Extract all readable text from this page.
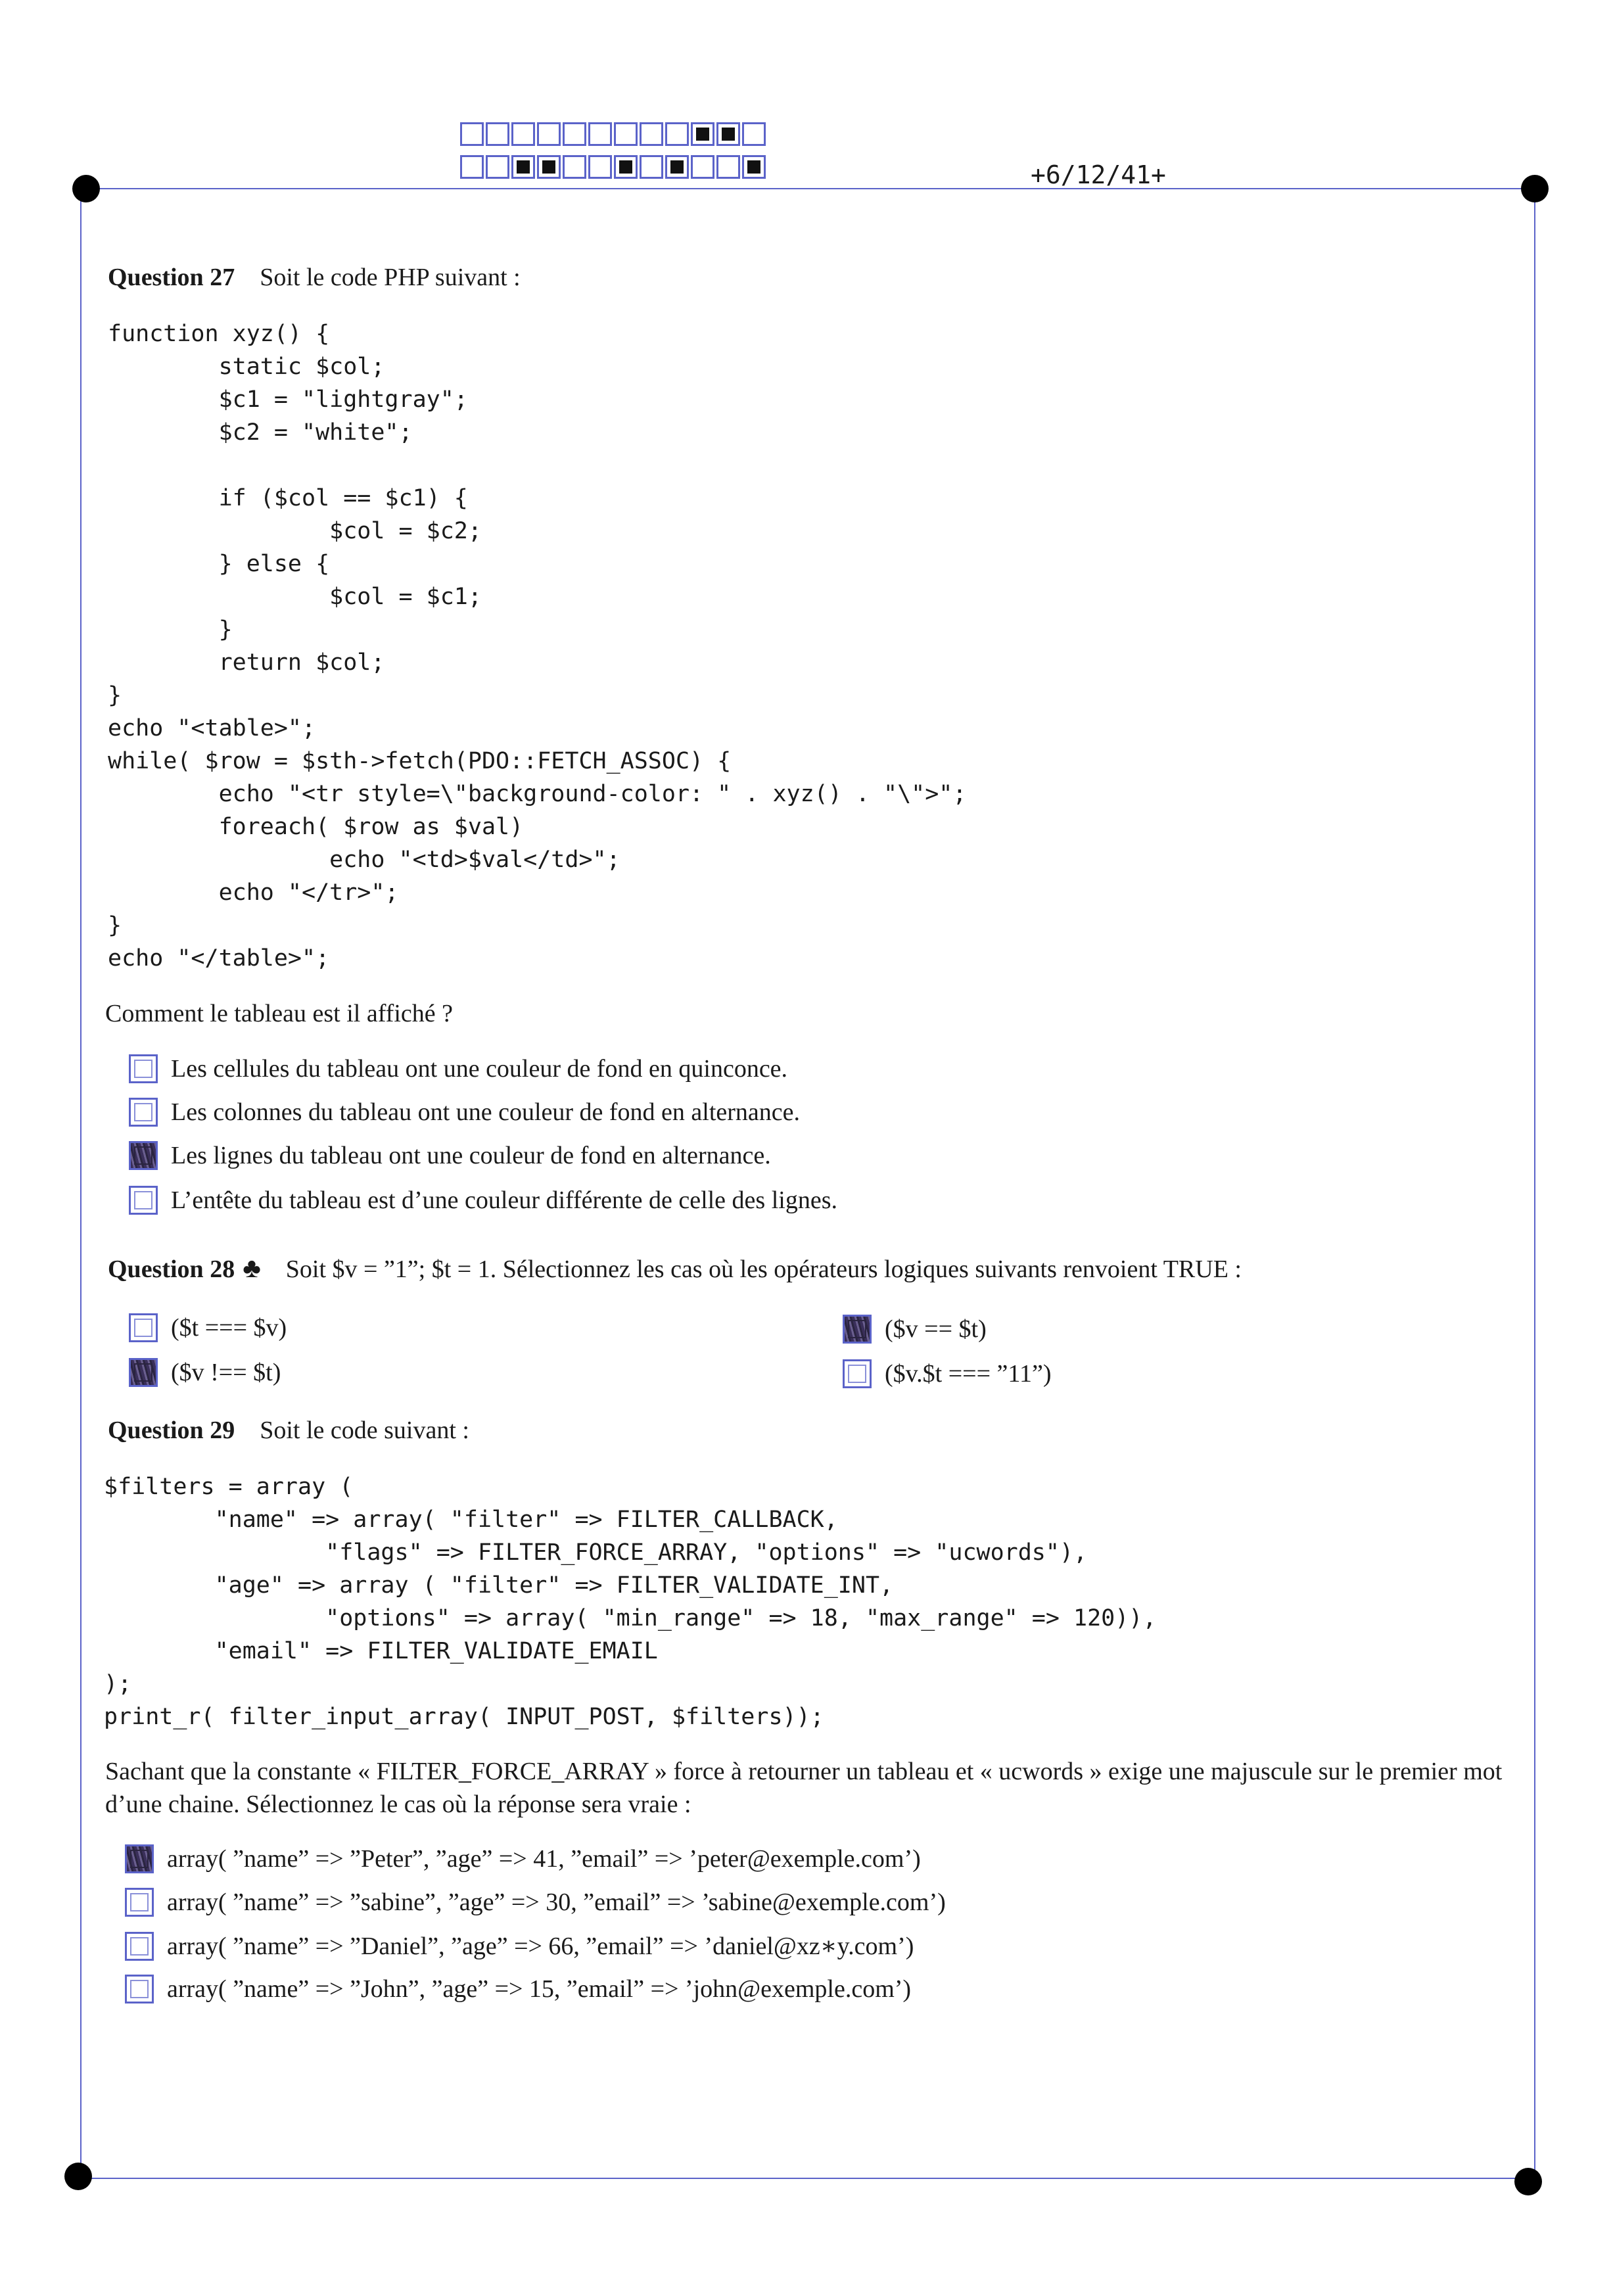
+6/12/41+
Question 27 Soit le code PHP suivant :
function xyz() {
static $col;
$c1 = "lightgray";
$c2 = "white";

if ($col == $c1) {
$col = $c2;
} else {
$col = $c1;
}
return $col;
}
echo "<table>";
while( $row = $sth->fetch(PDO::FETCH_ASSOC) {
echo "<tr style=\"background-color: " . xyz() . "\">";
foreach( $row as $val)
echo "<td>$val</td>";
echo "</tr>";
}
echo "</table>";
Comment le tableau est il affiché ?
Les cellules du tableau ont une couleur de fond en quinconce.
Les colonnes du tableau ont une couleur de fond en alternance.
Les lignes du tableau ont une couleur de fond en alternance.
L’entête du tableau est d’une couleur différente de celle des lignes.
Question 28 ♣ Soit $v = ”1”; $t = 1. Sélectionnez les cas où les opérateurs logiques suivants renvoient TRUE :
($t === $v)	($v == $t)
($v !== $t)	($v.$t === ”11”)
Question 29 Soit le code suivant :
$filters = array (
"name" => array( "filter" => FILTER_CALLBACK,
"flags" => FILTER_FORCE_ARRAY, "options" => "ucwords"),
"age" => array ( "filter" => FILTER_VALIDATE_INT,
"options" => array( "min_range" => 18, "max_range" => 120)),
"email" => FILTER_VALIDATE_EMAIL
);
print_r( filter_input_array( INPUT_POST, $filters));
Sachant que la constante « FILTER_FORCE_ARRAY » force à retourner un tableau et « ucwords » exige une majuscule sur le premier mot d’une chaine. Sélectionnez le cas où la réponse sera vraie :
array( ”name” => ”Peter”, ”age” => 41, ”email” => ’peter@exemple.com’)
array( ”name” => ”sabine”, ”age” => 30, ”email” => ’sabine@exemple.com’)
array( ”name” => ”Daniel”, ”age” => 66, ”email” => ’daniel@xz∗y.com’)
array( ”name” => ”John”, ”age” => 15, ”email” => ’john@exemple.com’)
